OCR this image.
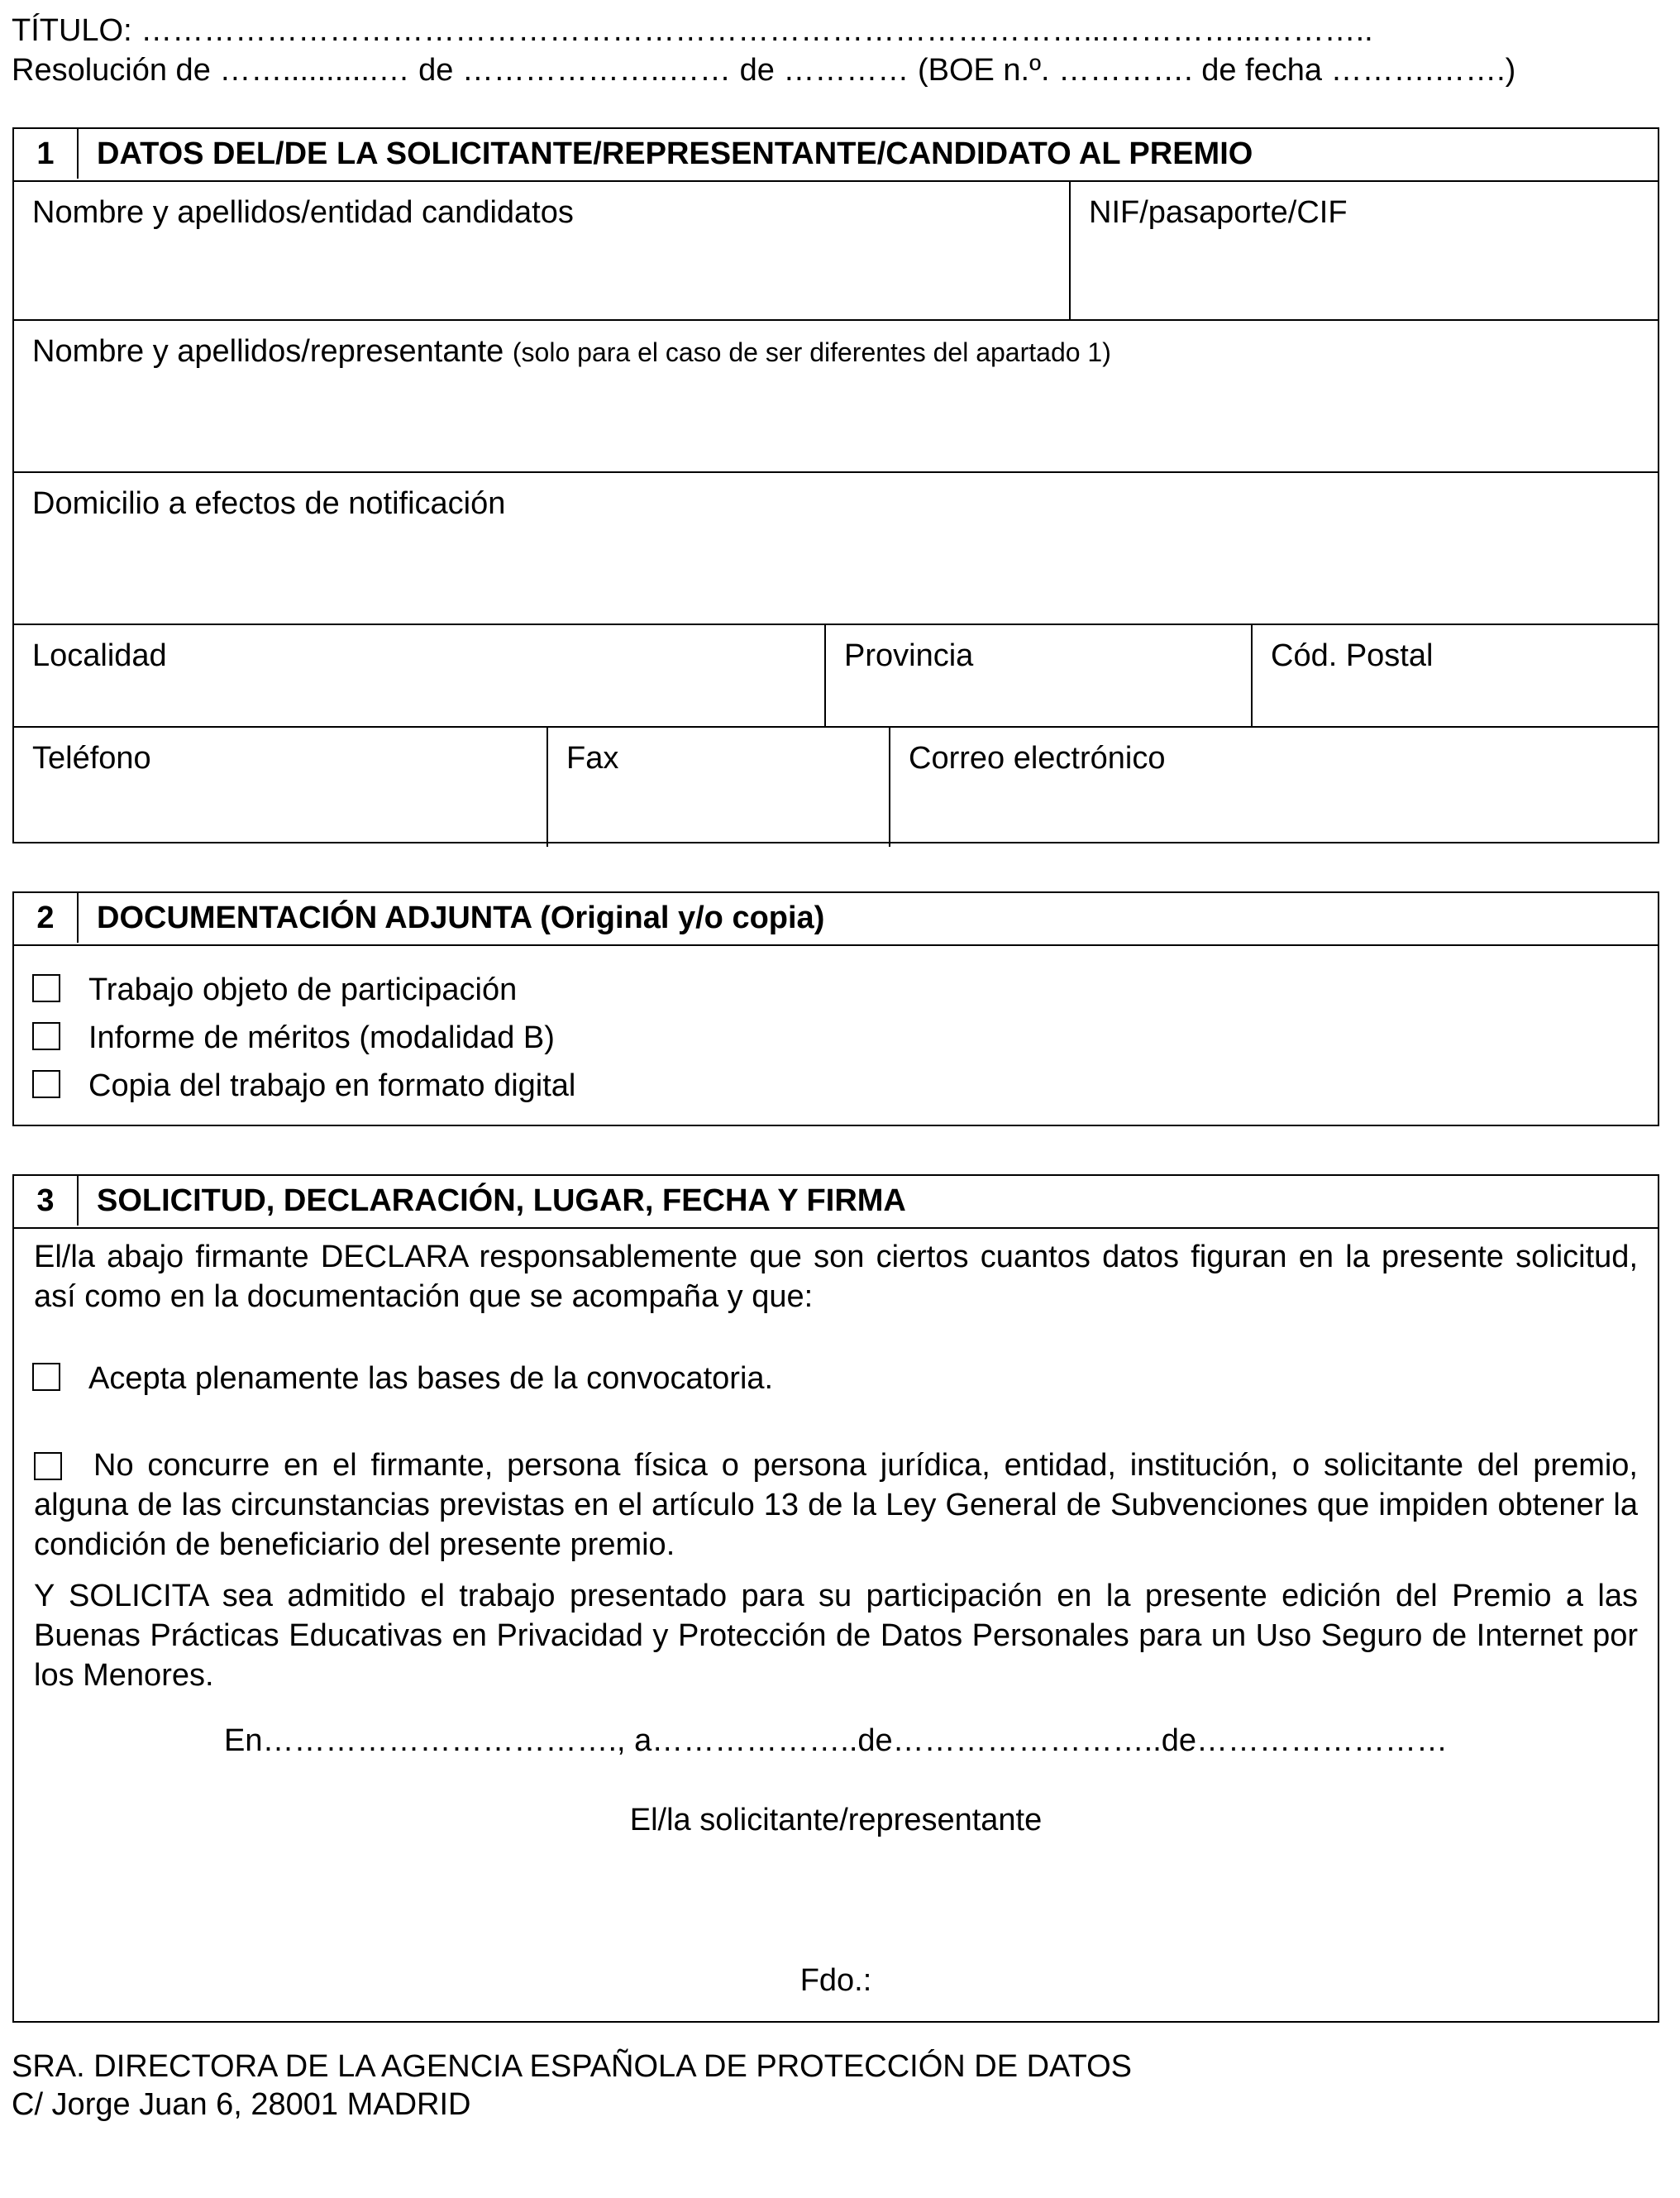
TÍTULO: ………………………………………………………………………………...…………...………..
Resolución de ……...........… de ………………..…… de ………… (BOE n.º. …………. de fecha ……….…….)
1	DATOS DEL/DE LA SOLICITANTE/REPRESENTANTE/CANDIDATO AL PREMIO
Nombre y apellidos/entidad candidatos	NIF/pasaporte/CIF
Nombre y apellidos/representante (solo para el caso de ser diferentes del apartado 1)
Domicilio a efectos de notificación
Localidad	Provincia	Cód. Postal
Teléfono	Fax	Correo electrónico
2	DOCUMENTACIÓN ADJUNTA (Original y/o copia)
Trabajo objeto de participación
Informe de méritos (modalidad B)
Copia del trabajo en formato digital
3	SOLICITUD, DECLARACIÓN, LUGAR, FECHA Y FIRMA
El/la abajo firmante DECLARA responsablemente que son ciertos cuantos datos figuran en la presente solicitud, así como en la documentación que se acompaña y que:
Acepta plenamente las bases de la convocatoria.
No concurre en el firmante, persona física o persona jurídica, entidad, institución, o solicitante del premio, alguna de las circunstancias previstas en el artículo 13 de la Ley General de Subvenciones que impiden obtener la condición de beneficiario del presente premio.
Y SOLICITA sea admitido el trabajo presentado para su participación en la presente edición del Premio a las Buenas Prácticas Educativas en Privacidad y Protección de Datos Personales para un Uso Seguro de Internet por los Menores.
En……………………………., a………………..de……………………..de……………………
El/la solicitante/representante
Fdo.:
SRA. DIRECTORA DE LA AGENCIA ESPAÑOLA DE PROTECCIÓN DE DATOS
C/ Jorge Juan 6, 28001 MADRID
